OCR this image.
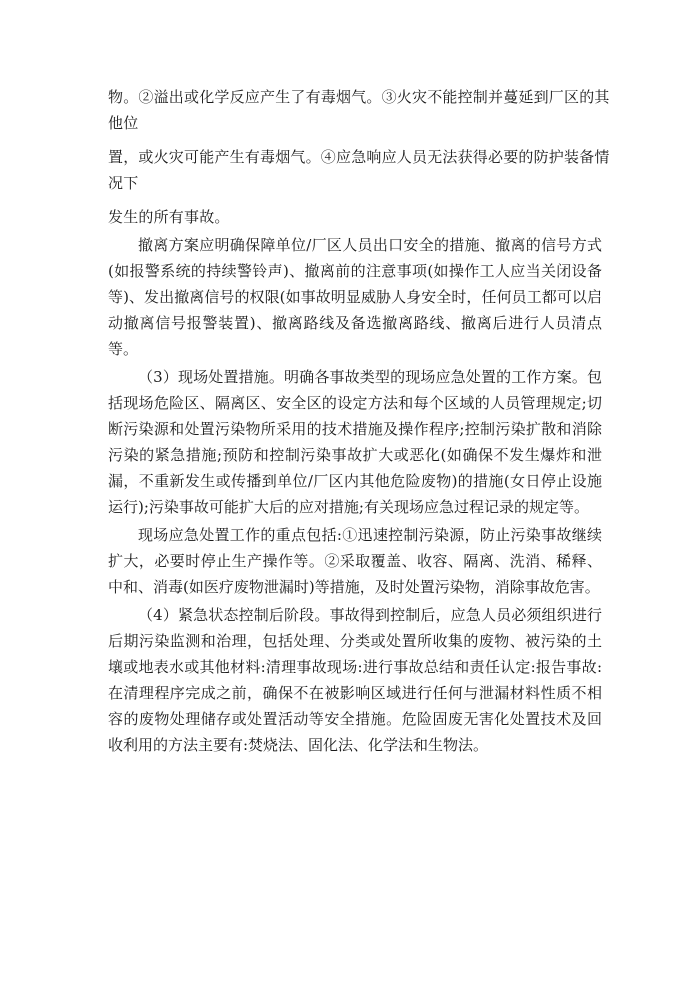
物。②溢出或化学反应产生了有毒烟气。③火灾不能控制并蔓延到厂区的其
他位
置，或火灾可能产生有毒烟气。④应急响应人员无法获得必要的防护装备情
况下
发生的所有事故。

撤离方案应明确保障单位/厂区人员出口安全的措施、撤离的信号方式(如报警系统的持续警铃声)、撤离前的注意事项(如操作工人应当关闭设备等)、发出撤离信号的权限(如事故明显威胁人身安全时，任何员工都可以启动撤离信号报警装置)、撤离路线及备选撤离路线、撤离后进行人员清点等。

（3）现场处置措施。明确各事故类型的现场应急处置的工作方案。包括现场危险区、隔离区、安全区的设定方法和每个区域的人员管理规定;切断污染源和处置污染物所采用的技术措施及操作程序;控制污染扩散和消除污染的紧急措施;预防和控制污染事故扩大或恶化(如确保不发生爆炸和泄漏，不重新发生或传播到单位/厂区内其他危险废物)的措施(女日停止设施运行);污染事故可能扩大后的应对措施;有关现场应急过程记录的规定等。

现场应急处置工作的重点包括:①迅速控制污染源，防止污染事故继续扩大，必要时停止生产操作等。②采取覆盖、收容、隔离、洗消、稀释、中和、消毒(如医疗废物泄漏时)等措施，及时处置污染物，消除事故危害。

（4）紧急状态控制后阶段。事故得到控制后，应急人员必须组织进行后期污染监测和治理，包括处理、分类或处置所收集的废物、被污染的土壤或地表水或其他材料:清理事故现场:进行事故总结和责任认定:报告事故:在清理程序完成之前，确保不在被影响区域进行任何与泄漏材料性质不相容的废物处理储存或处置活动等安全措施。危险固废无害化处置技术及回收利用的方法主要有:焚烧法、固化法、化学法和生物法。
